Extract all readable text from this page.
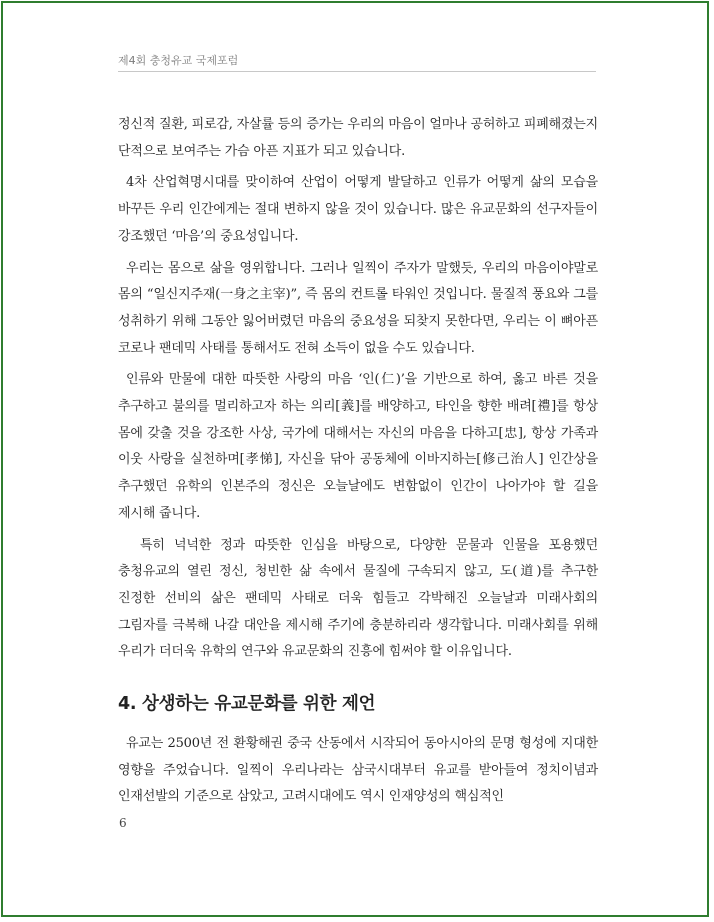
제4회 충청유교 국제포럼

정신적 질환, 피로감, 자살률 등의 증가는 우리의 마음이 얼마나 공허하고 피폐해졌는지 단적으로 보여주는 가슴 아픈 지표가 되고 있습니다.

4차 산업혁명시대를 맞이하여 산업이 어떻게 발달하고 인류가 어떻게 삶의 모습을 바꾸든 우리 인간에게는 절대 변하지 않을 것이 있습니다. 많은 유교문화의 선구자들이 강조했던 ‘마음’의 중요성입니다.

우리는 몸으로 삶을 영위합니다. 그러나 일찍이 주자가 말했듯, 우리의 마음이야말로 몸의 “일신지주재(一身之主宰)”, 즉 몸의 컨트롤 타워인 것입니다. 물질적 풍요와 그를 성취하기 위해 그동안 잃어버렸던 마음의 중요성을 되찾지 못한다면, 우리는 이 뼈아픈 코로나 팬데믹 사태를 통해서도 전혀 소득이 없을 수도 있습니다.

인류와 만물에 대한 따뜻한 사랑의 마음 ‘인(仁)’을 기반으로 하여, 옳고 바른 것을 추구하고 불의를 멀리하고자 하는 의리[義]를 배양하고, 타인을 향한 배려[禮]를 항상 몸에 갖출 것을 강조한 사상, 국가에 대해서는 자신의 마음을 다하고[忠], 항상 가족과 이웃 사랑을 실천하며[孝悌], 자신을 닦아 공동체에 이바지하는[修己治人] 인간상을 추구했던 유학의 인본주의 정신은 오늘날에도 변함없이 인간이 나아가야 할 길을 제시해 줍니다.

특히 넉넉한 정과 따뜻한 인심을 바탕으로, 다양한 문물과 인물을 포용했던 충청유교의 열린 정신, 청빈한 삶 속에서 물질에 구속되지 않고, 도(道)를 추구한 진정한 선비의 삶은 팬데믹 사태로 더욱 힘들고 각박해진 오늘날과 미래사회의 그림자를 극복해 나갈 대안을 제시해 주기에 충분하리라 생각합니다. 미래사회를 위해 우리가 더더욱 유학의 연구와 유교문화의 진흥에 힘써야 할 이유입니다.

4. 상생하는 유교문화를 위한 제언

유교는 2500년 전 환황해권 중국 산동에서 시작되어 동아시아의 문명 형성에 지대한 영향을 주었습니다. 일찍이 우리나라는 삼국시대부터 유교를 받아들여 정치이념과 인재선발의 기준으로 삼았고, 고려시대에도 역시 인재양성의 핵심적인

6
